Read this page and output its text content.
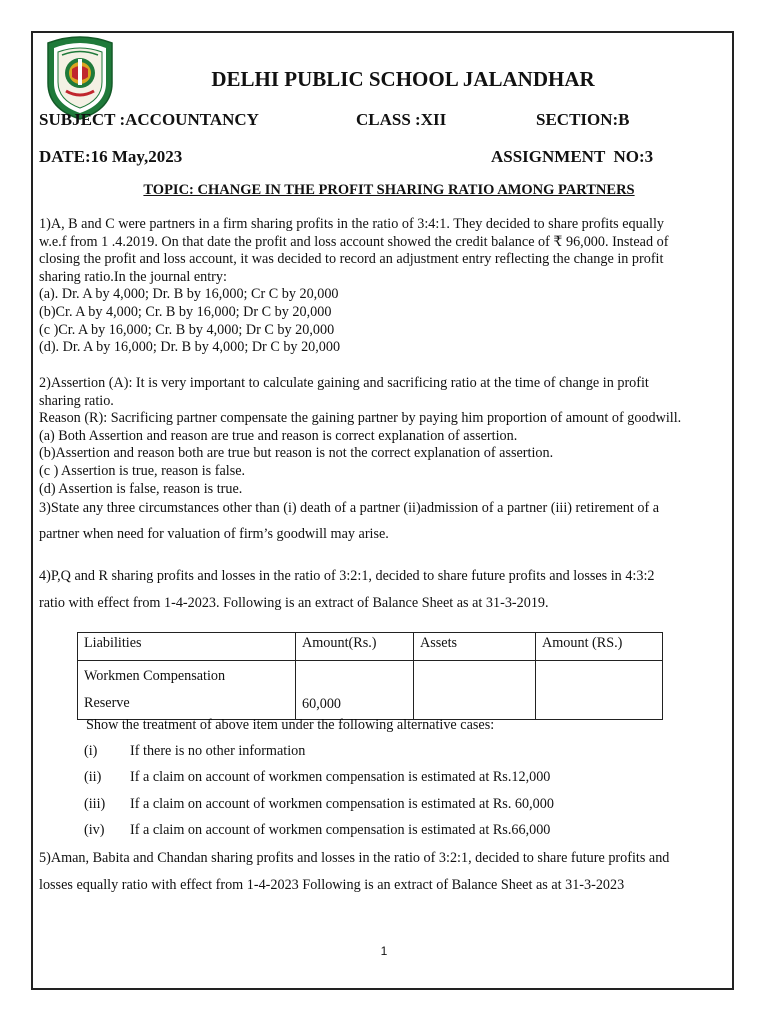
DELHI PUBLIC SCHOOL JALANDHAR
SUBJECT :ACCOUNTANCY	CLASS :XII	SECTION:B
DATE:16 May,2023	ASSIGNMENT  NO:3
TOPIC: CHANGE IN THE PROFIT SHARING RATIO AMONG PARTNERS
1)A, B and C were partners in a firm sharing profits in the ratio of 3:4:1. They decided to share profits equally
w.e.f from 1 .4.2019. On that date the profit and loss account showed the credit balance of ₹ 96,000. Instead of
closing the profit and loss account, it was decided to record an adjustment entry reflecting the change in profit
sharing ratio.In the journal entry:
(a). Dr. A by 4,000; Dr. B by 16,000; Cr C by 20,000
(b)Cr. A by 4,000; Cr. B by 16,000; Dr C by 20,000
(c )Cr. A by 16,000; Cr. B by 4,000; Dr C by 20,000
(d). Dr. A by 16,000; Dr. B by 4,000; Dr C by 20,000
2)Assertion (A): It is very important to calculate gaining and sacrificing ratio at the time of change in profit
sharing ratio.
Reason (R): Sacrificing partner compensate the gaining partner by paying him proportion of amount of goodwill.
(a) Both Assertion and reason are true and reason is correct explanation of assertion.
(b)Assertion and reason both are true but reason is not the correct explanation of assertion.
(c ) Assertion is true, reason is false.
(d) Assertion is false, reason is true.
3)State any three circumstances other than (i) death of a partner (ii)admission of a partner (iii) retirement of a
partner when need for valuation of firm’s goodwill may arise.
4)P,Q and R sharing profits and losses in the ratio of 3:2:1, decided to share future profits and losses in 4:3:2
ratio with effect from 1-4-2023. Following is an extract of Balance Sheet as at 31-3-2019.
Liabilities	Amount(Rs.)	Assets	Amount (RS.)

Workmen Compensation
Reserve	60,000		
Show the treatment of above item under the following alternative cases:
(i) If there is no other information
(ii) If a claim on account of workmen compensation is estimated at Rs.12,000
(iii) If a claim on account of workmen compensation is estimated at Rs. 60,000
(iv) If a claim on account of workmen compensation is estimated at Rs.66,000
5)Aman, Babita and Chandan sharing profits and losses in the ratio of 3:2:1, decided to share future profits and
losses equally ratio with effect from 1-4-2023 Following is an extract of Balance Sheet as at 31-3-2023
1
